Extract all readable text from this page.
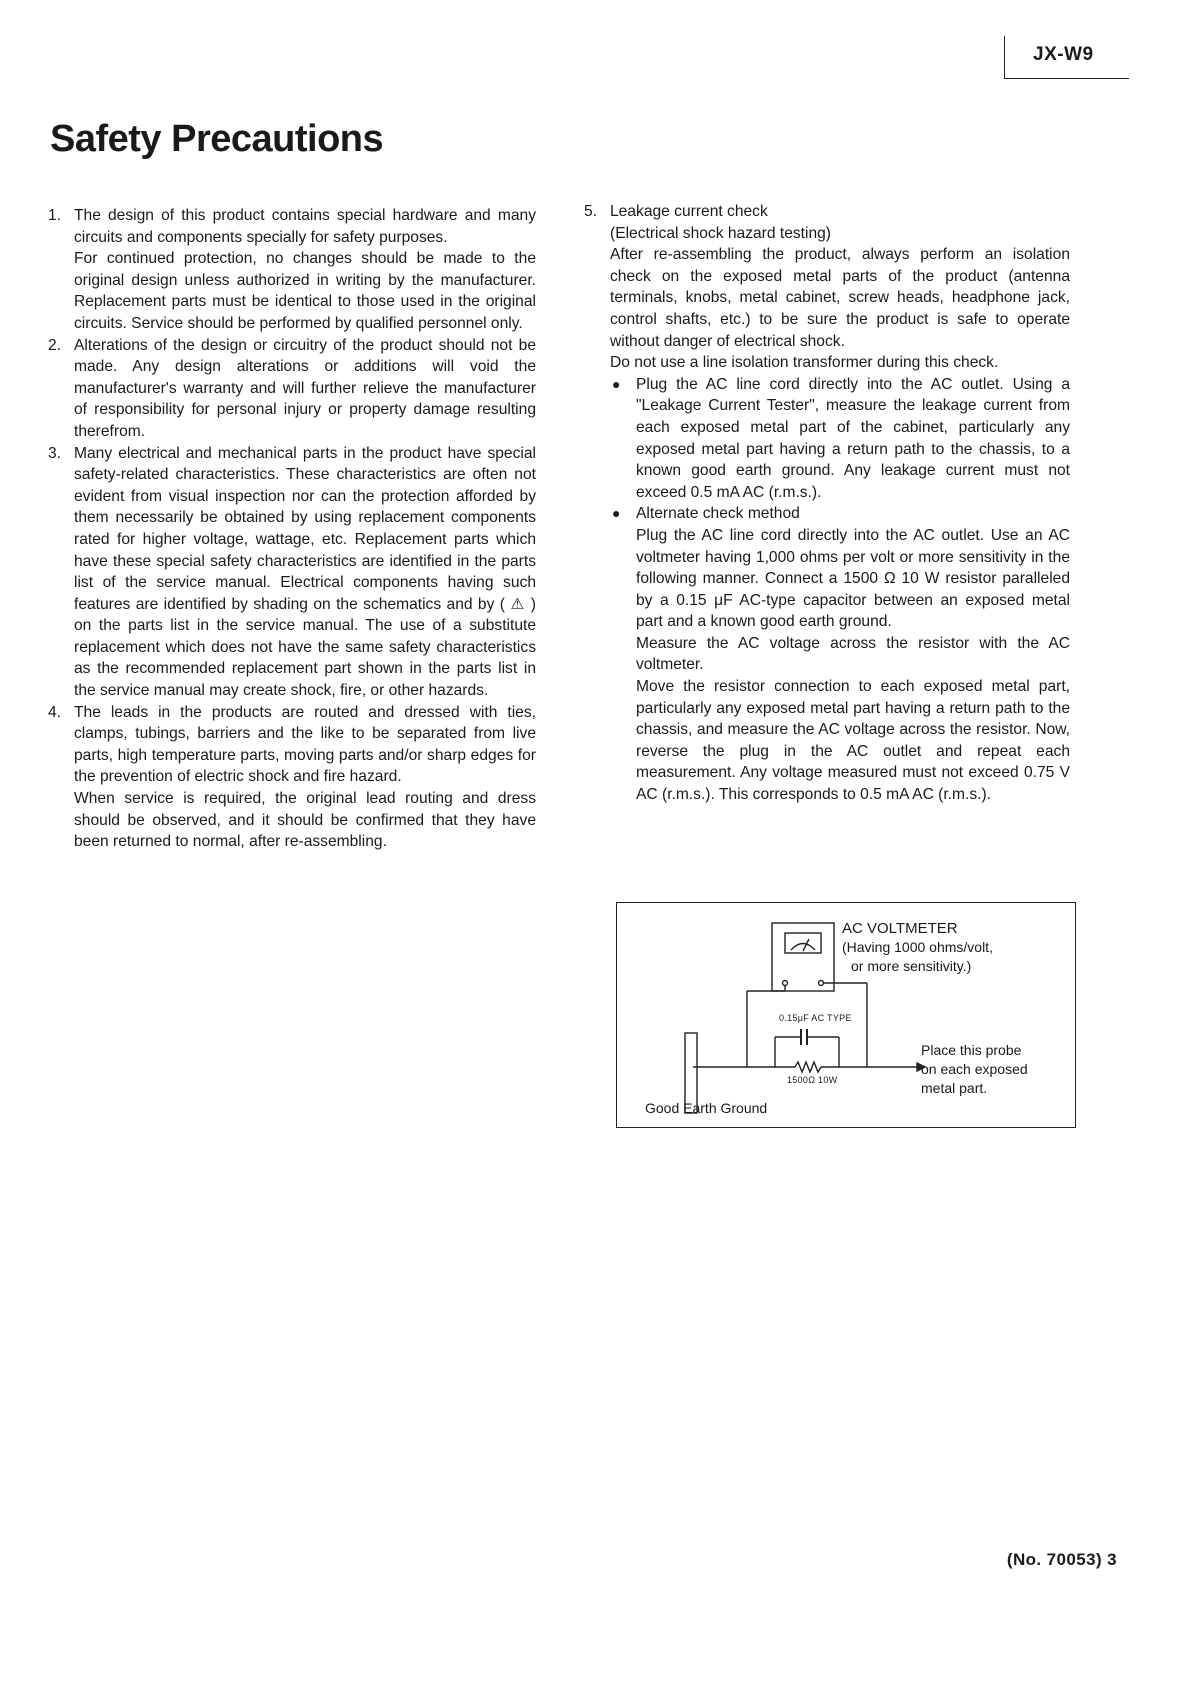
JX-W9
Safety Precautions
1. The design of this product contains special hardware and many circuits and components specially for safety purposes.
For continued protection, no changes should be made to the original design unless authorized in writing by the manufacturer. Replacement parts must be identical to those used in the original circuits. Service should be performed by qualified personnel only.
2. Alterations of the design or circuitry of the product should not be made. Any design alterations or additions will void the manufacturer's warranty and will further relieve the manufacturer of responsibility for personal injury or property damage resulting therefrom.
3. Many electrical and mechanical parts in the product have special safety-related characteristics. These characteristics are often not evident from visual inspection nor can the protection afforded by them necessarily be obtained by using replacement components rated for higher voltage, wattage, etc. Replacement parts which have these special safety characteristics are identified in the parts list of the service manual. Electrical components having such features are identified by shading on the schematics and by ( ⚠ ) on the parts list in the service manual. The use of a substitute replacement which does not have the same safety characteristics as the recommended replacement part shown in the parts list in the service manual may create shock, fire, or other hazards.
4. The leads in the products are routed and dressed with ties, clamps, tubings, barriers and the like to be separated from live parts, high temperature parts, moving parts and/or sharp edges for the prevention of electric shock and fire hazard.
When service is required, the original lead routing and dress should be observed, and it should be confirmed that they have been returned to normal, after re-assembling.
5. Leakage current check
(Electrical shock hazard testing)
After re-assembling the product, always perform an isolation check on the exposed metal parts of the product (antenna terminals, knobs, metal cabinet, screw heads, headphone jack, control shafts, etc.) to be sure the product is safe to operate without danger of electrical shock.
Do not use a line isolation transformer during this check.
● Plug the AC line cord directly into the AC outlet. Using a "Leakage Current Tester", measure the leakage current from each exposed metal part of the cabinet, particularly any exposed metal part having a return path to the chassis, to a known good earth ground. Any leakage current must not exceed 0.5 mA AC (r.m.s.).
● Alternate check method
Plug the AC line cord directly into the AC outlet. Use an AC voltmeter having 1,000 ohms per volt or more sensitivity in the following manner. Connect a 1500 Ω 10 W resistor paralleled by a 0.15 μF AC-type capacitor between an exposed metal part and a known good earth ground.
Measure the AC voltage across the resistor with the AC voltmeter.
Move the resistor connection to each exposed metal part, particularly any exposed metal part having a return path to the chassis, and measure the AC voltage across the resistor. Now, reverse the plug in the AC outlet and repeat each measurement. Any voltage measured must not exceed 0.75 V AC (r.m.s.). This corresponds to 0.5 mA AC (r.m.s.).
AC VOLTMETER
(Having 1000 ohms/volt,
or more sensitivity.)
0.15μF AC TYPE
1500Ω 10W
Place this probe
on each exposed
metal part.
Good Earth Ground
(No. 70053) 3
